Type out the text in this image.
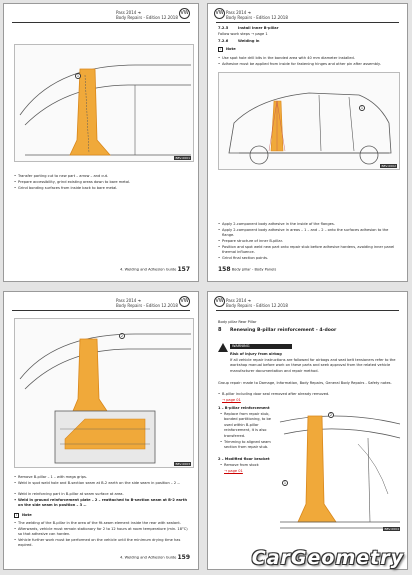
Pass 2014 ➜
Body Repairs - Edition 12.2018
VW
1
B8V-0001
• Transfer parting cut to new part – arrow – and cut.
• Prepare accessibility, grind existing areas down to bare metal.
• Grind bonding surfaces from inside back to bare metal.
4. Welding and Adhesion Guide 157
Pass 2014 ➜
Body Repairs - Edition 12.2018
VW
7.2.5	Install Inner B-pillar
Follow work steps → page 1
7.2.6	Welding in
i	Note
• Use spot hole drill bits in the bonded area with 40 mm diameter installed.
• Adhesive must be applied from inside for fastening hinges and other pin after assembly.
1
B8V-0002
• Apply 2-component body adhesive in the inside of the flanges.
• Apply 2-component body adhesive in areas – 1 – and – 2 – onto the surfaces adhesion to the flange.
• Prepare structure of inner B-pillar.
• Position and spot weld new part onto repair stub before adhesive hardens, avoiding inner panel thermal influence.
• Grind final section points.
158 Body pillar - Body Panels
Pass 2014 ➜
Body Repairs - Edition 12.2018
VW
2
B8V-0003
• Remove B-pillar – 1 – with mega grips.
• Weld in spot weld hole and B-section seam at B-2 earth on the side seam in position – 2 –.
• Weld in reinforcing part in B-pillar at seam surface at area.
• Weld in ground reinforcement plate – 2 – reattached to B-section seam at B-2 earth on the side seam in position – 3 –.
i	Note
• The welding of the B-pillar in the area of the fit-seam element inside the rear with sealant.
• Afterwards, vehicle must remain stationary for 2 to 12 hours at room temperature (min. 18°C) so that adhesive can harden.
• Vehicle further work must be performed on the vehicle until the minimum drying time has expired.
4. Welding and Adhesion Guide 159
Pass 2014 ➜
Body Repairs - Edition 12.2018
VW
Body pillar Rear Pillar
8 Renewing B-pillar reinforcement - 4-door
WARNING
Risk of injury from airbag
If all vehicle repair instructions are followed for airbags and seat belt tensioners refer to the workshop manual before work on these parts and seek approval from the related vehicle manufacturer documentation and repair method.
Group repair: made to Damage, Information, Body Repairs, General Body Repairs - Safety notes.
• B-pillar including door seal removed after already removed.
→ page 01
1 – B-pillar reinforcement
• Replace from repair stub, bonded partitioning, to be used within B-pillar reinforcement, it is also transferred.
• Trimming to aligned seam section from repair stub.
2 – Modified floor bracket
• Remove from stock
→ page 01
2
1
B8V-0004
CarGeometry
